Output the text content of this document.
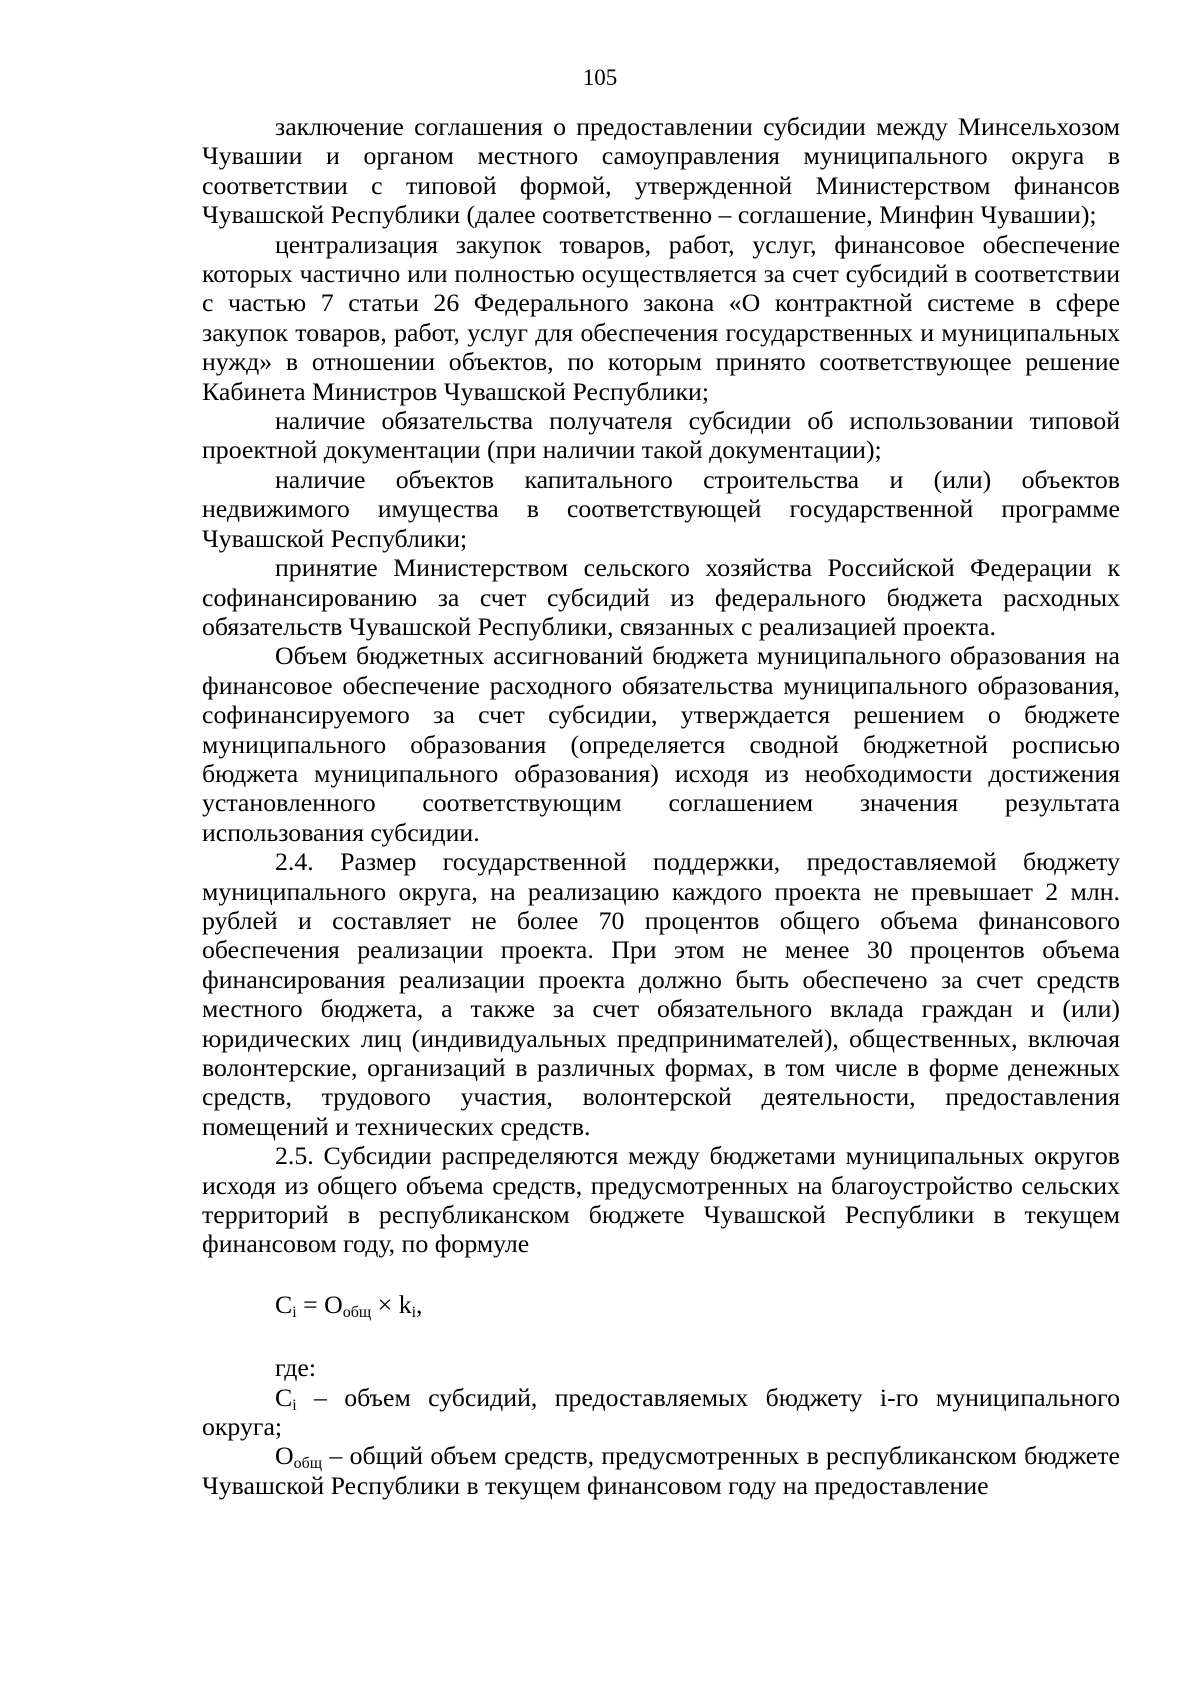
105

заключение соглашения о предоставлении субсидии между Минсельхозом Чувашии и органом местного самоуправления муниципального округа в соответствии с типовой формой, утвержденной Министерством финансов Чувашской Республики (далее соответственно – соглашение, Минфин Чувашии);

централизация закупок товаров, работ, услуг, финансовое обеспечение которых частично или полностью осуществляется за счет субсидий в соответствии с частью 7 статьи 26 Федерального закона «О контрактной системе в сфере закупок товаров, работ, услуг для обеспечения государственных и муниципальных нужд» в отношении объектов, по которым принято соответствующее решение Кабинета Министров Чувашской Республики;

наличие обязательства получателя субсидии об использовании типовой проектной документации (при наличии такой документации);

наличие объектов капитального строительства и (или) объектов недвижимого имущества в соответствующей государственной программе Чувашской Республики;

принятие Министерством сельского хозяйства Российской Федерации к софинансированию за счет субсидий из федерального бюджета расходных обязательств Чувашской Республики, связанных с реализацией проекта.

Объем бюджетных ассигнований бюджета муниципального образования на финансовое обеспечение расходного обязательства муниципального образования, софинансируемого за счет субсидии, утверждается решением о бюджете муниципального образования (определяется сводной бюджетной росписью бюджета муниципального образования) исходя из необходимости достижения установленного соответствующим соглашением значения результата использования субсидии.

2.4. Размер государственной поддержки, предоставляемой бюджету муниципального округа, на реализацию каждого проекта не превышает 2 млн. рублей и составляет не более 70 процентов общего объема финансового обеспечения реализации проекта. При этом не менее 30 процентов объема финансирования реализации проекта должно быть обеспечено за счет средств местного бюджета, а также за счет обязательного вклада граждан и (или) юридических лиц (индивидуальных предпринимателей), общественных, включая волонтерские, организаций в различных формах, в том числе в форме денежных средств, трудового участия, волонтерской деятельности, предоставления помещений и технических средств.

2.5. Субсидии распределяются между бюджетами муниципальных округов исходя из общего объема средств, предусмотренных на благоустройство сельских территорий в республиканском бюджете Чувашской Республики в текущем финансовом году, по формуле

$C_i = O_{общ} \times k_i$,

где:

$C_i$ – объем субсидий, предоставляемых бюджету i-го муниципального округа;

$O_{общ}$ – общий объем средств, предусмотренных в республиканском бюджете Чувашской Республики в текущем финансовом году на предоставление
